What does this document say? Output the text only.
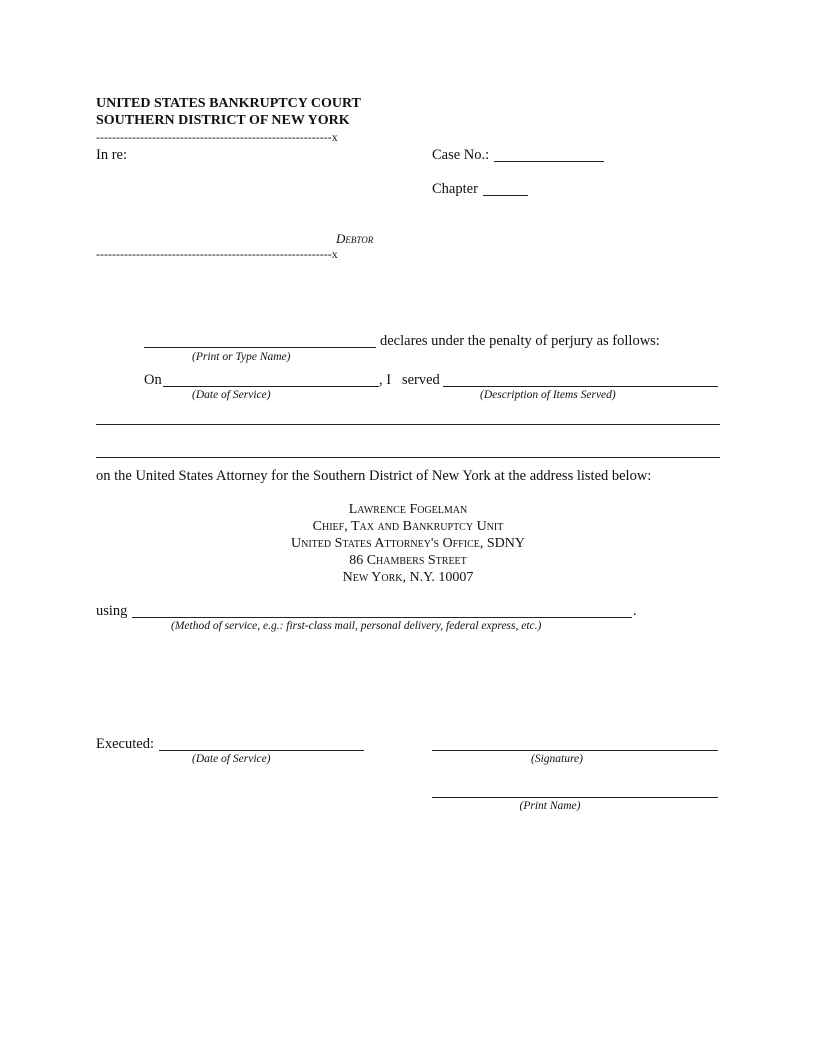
UNITED STATES BANKRUPTCY COURT
SOUTHERN DISTRICT OF NEW YORK
-----------------------------------------------------------x
In re:	Case No.:
Chapter
Debtor
-----------------------------------------------------------x
declares under the penalty of perjury as follows:
(Print or Type Name)
On	, I   served
(Date of Service)	(Description of Items Served)
on the United States Attorney for the Southern District of New York at the address listed below:
Lawrence Fogelman
Chief, Tax and Bankruptcy Unit
United States Attorney's Office, SDNY
86 Chambers Street
New York, N.Y. 10007
using	.
(Method of service, e.g.: first-class mail, personal delivery, federal express, etc.)
Executed:
(Date of Service)	(Signature)
(Print Name)
